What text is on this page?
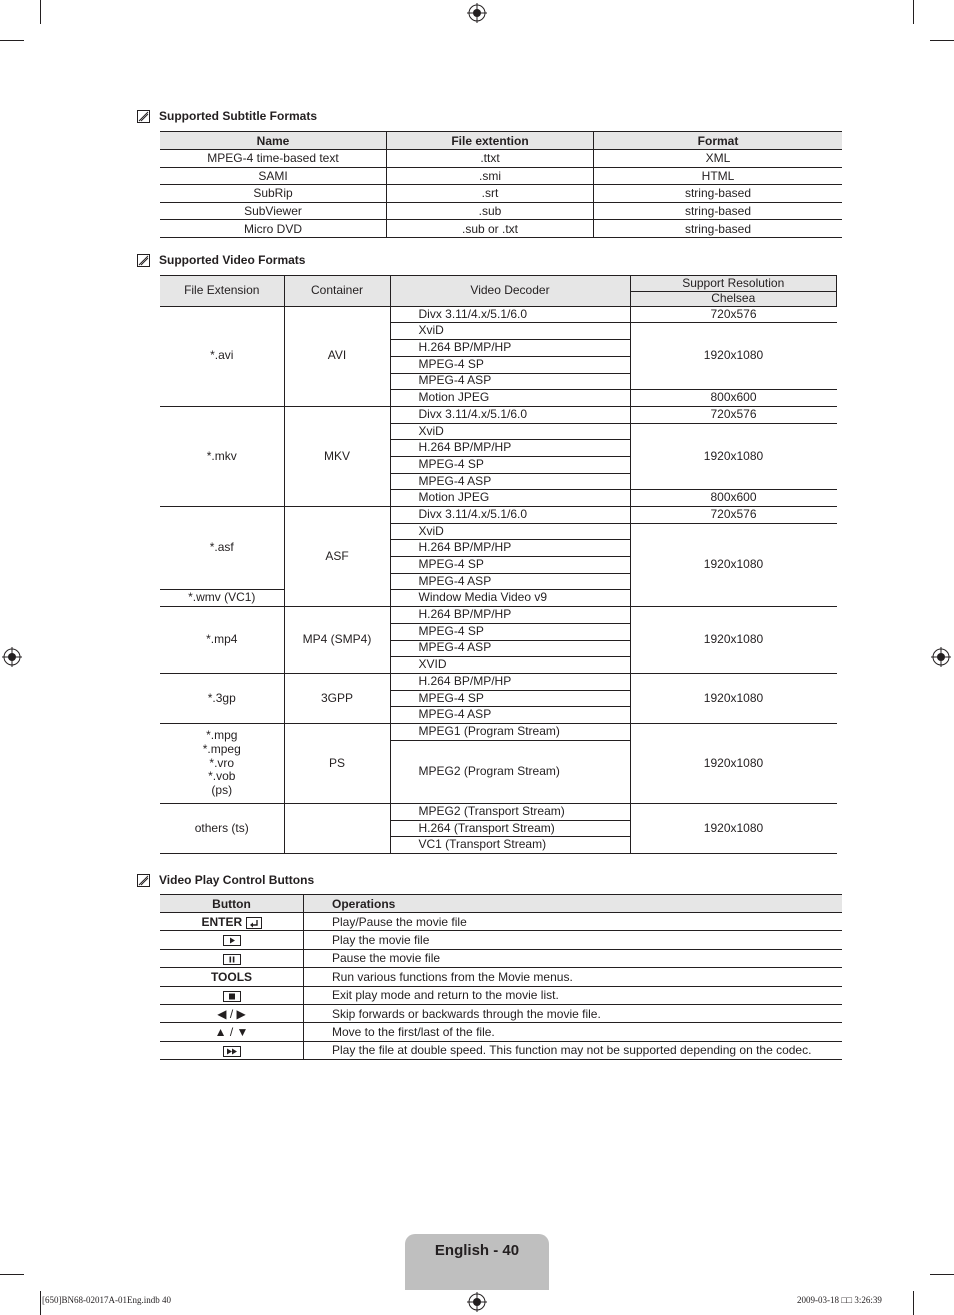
Supported Subtitle Formats
Name	File extention	Format
MPEG-4 time-based text	.ttxt	XML
SAMI	.smi	HTML
SubRip	.srt	string-based
SubViewer	.sub	string-based
Micro DVD	.sub or .txt	string-based
Supported Video Formats
File Extension	Container	Video Decoder	Support Resolution
			Chelsea
*.avi	AVI	Divx 3.11/4.x/5.1/6.0	720x576
		XviD	1920x1080
		H.264 BP/MP/HP	
		MPEG-4 SP	
		MPEG-4 ASP	
		Motion JPEG	800x600
*.mkv	MKV	Divx 3.11/4.x/5.1/6.0	720x576
		XviD	1920x1080
		H.264 BP/MP/HP	
		MPEG-4 SP	
		MPEG-4 ASP	
		Motion JPEG	800x600
*.asf	ASF	Divx 3.11/4.x/5.1/6.0	720x576
		XviD	1920x1080
		H.264 BP/MP/HP	
		MPEG-4 SP	
		MPEG-4 ASP	
*.wmv (VC1)		Window Media Video v9	
*.mp4	MP4 (SMP4)	H.264 BP/MP/HP	1920x1080
		MPEG-4 SP	
		MPEG-4 ASP	
		XVID	
*.3gp	3GPP	H.264 BP/MP/HP	1920x1080
		MPEG-4 SP	
		MPEG-4 ASP	

*.mpg
*.mpeg
*.vro
*.vob
(ps)	PS	MPEG1 (Program Stream)	1920x1080
		MPEG2 (Program Stream)	
others (ts)		MPEG2 (Transport Stream)	1920x1080
		H.264 (Transport Stream)	
		VC1 (Transport Stream)	
Video Play Control Buttons
Button	Operations
ENTER	Play/Pause the movie file
	Play the movie file
	Pause the movie file
TOOLS	Run various functions from the Movie menus.
	Exit play mode and return to the movie list.
◀ / ▶	Skip forwards or backwards through the movie file.
▲ / ▼	Move to the first/last of the file.
	Play the file at double speed. This function may not be supported depending on the codec.
English - 40
[650]BN68-02017A-01Eng.indb 40	2009-03-18 □□ 3:26:39
